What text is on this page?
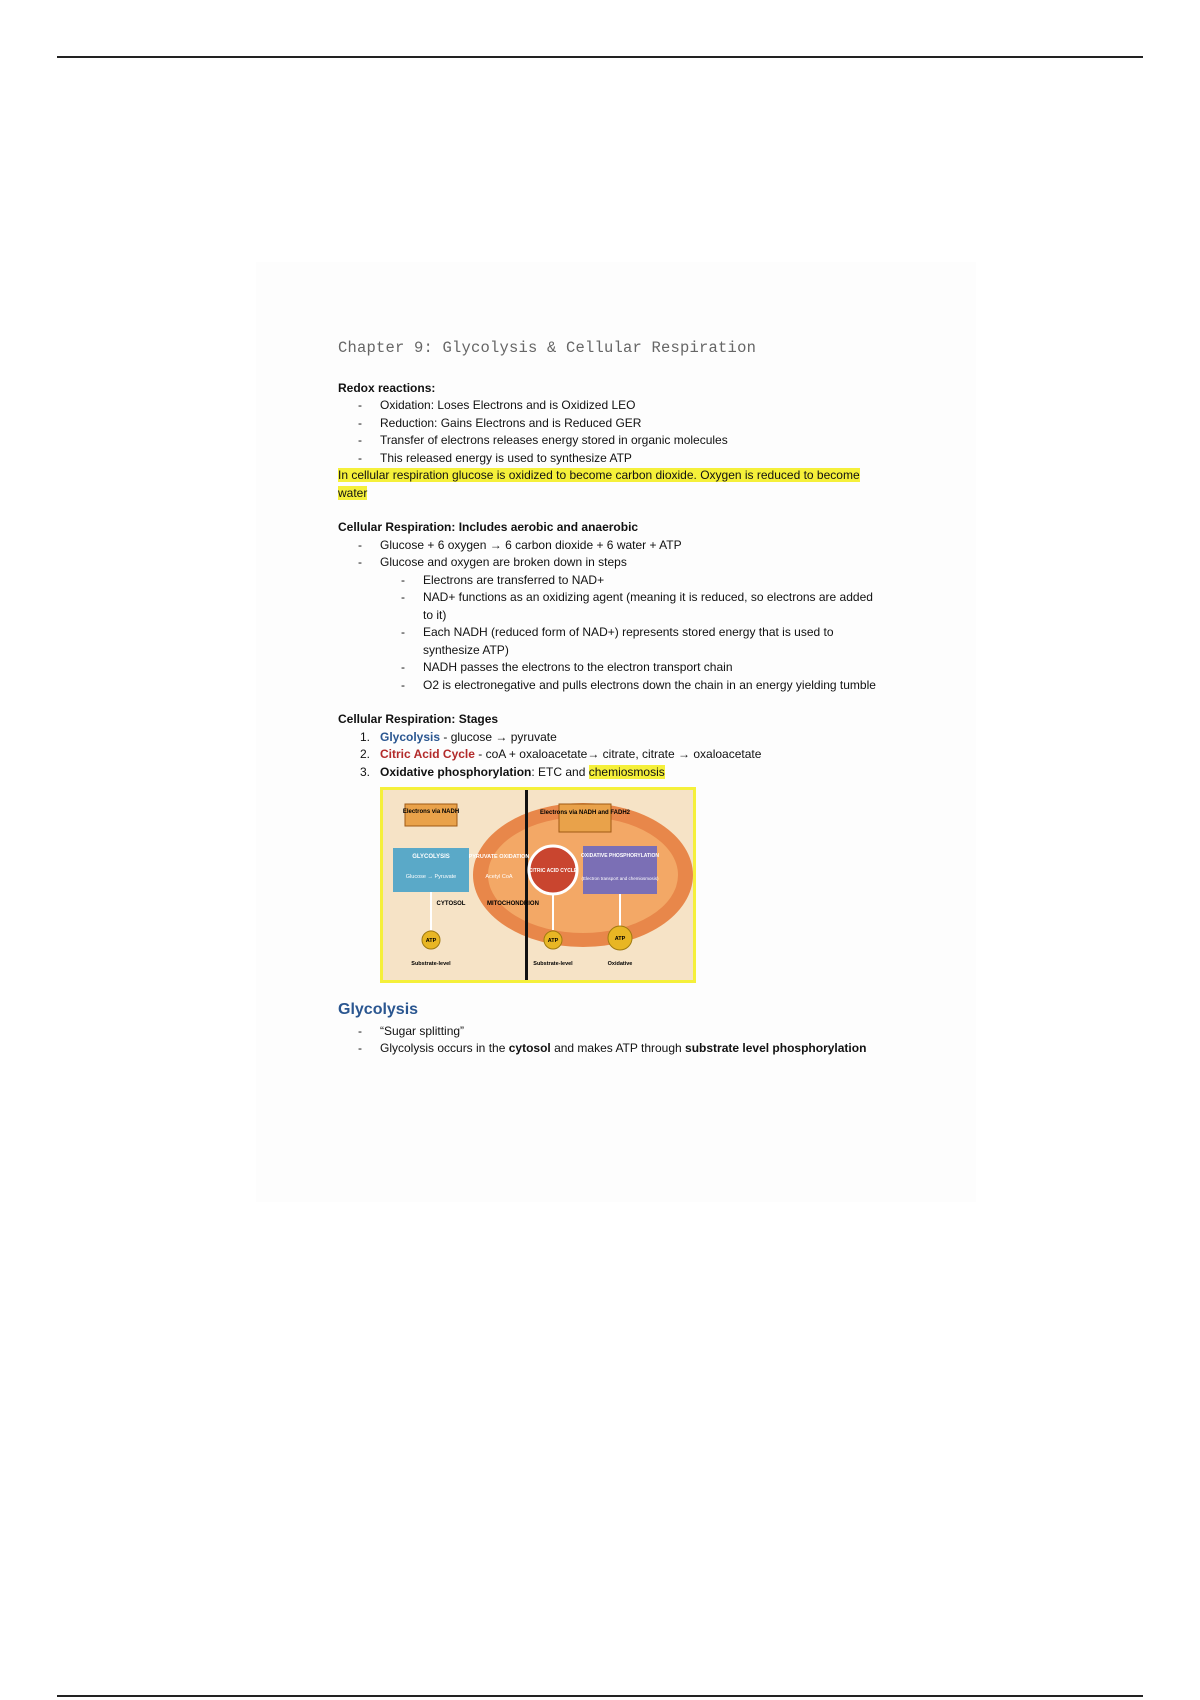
Chapter 9: Glycolysis & Cellular Respiration

Redox reactions:

- Oxidation: Loses Electrons and is Oxidized LEO
- Reduction: Gains Electrons and is Reduced GER
- Transfer of electrons releases energy stored in organic molecules
- This released energy is used to synthesize ATP
In cellular respiration glucose is oxidized to become carbon dioxide. Oxygen is reduced to become water

Cellular Respiration: Includes aerobic and anaerobic

- Glucose + 6 oxygen → 6 carbon dioxide + 6 water + ATP
- Glucose and oxygen are broken down in steps
- Electrons are transferred to NAD+
- NAD+ functions as an oxidizing agent (meaning it is reduced, so electrons are added to it)
- Each NADH (reduced form of NAD+) represents stored energy that is used to synthesize ATP)
- NADH passes the electrons to the electron transport chain
- O2 is electronegative and pulls electrons down the chain in an energy yielding tumble

Cellular Respiration: Stages

1. Glycolysis - glucose → pyruvate
2. Citric Acid Cycle - coA + oxaloacetate→ citrate, citrate → oxaloacetate
3. Oxidative phosphorylation: ETC and chemiosmosis
Electrons via NADH	Electrons via NADH and FADH2
GLYCOLYSIS
Glucose → Pyruvate
PYRUVATE OXIDATION
Acetyl CoA
CITRIC ACID CYCLE
OXIDATIVE PHOSPHORYLATION
(Electron transport and chemiosmosis)
CYTOSOL	MITOCHONDRION
ATP	ATP	ATP
Substrate-level	Substrate-level	Oxidative
Glycolysis
- “Sugar splitting”
- Glycolysis occurs in the cytosol and makes ATP through substrate level phosphorylation
